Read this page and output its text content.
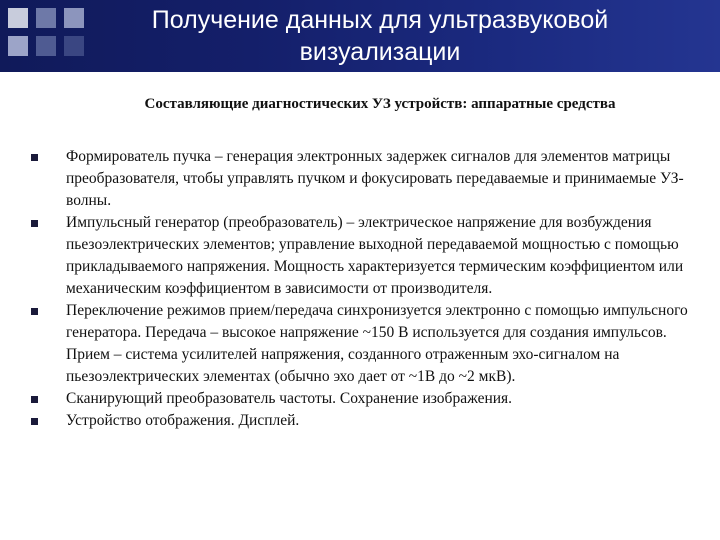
Получение данных для ультразвуковой
визуализации
Составляющие диагностических УЗ устройств: аппаратные средства
Формирователь пучка – генерация электронных задержек сигналов для элементов матрицы преобразователя, чтобы управлять пучком и фокусировать передаваемые и принимаемые УЗ-волны.
Импульсный генератор (преобразователь) – электрическое напряжение для возбуждения пьезоэлектрических элементов; управление выходной передаваемой мощностью с помощью прикладываемого напряжения. Мощность характеризуется термическим коэффициентом или механическим коэффициентом в зависимости от производителя.
Переключение режимов прием/передача синхронизуется электронно с помощью импульсного генератора. Передача – высокое напряжение ~150 В используется для создания импульсов. Прием – система усилителей напряжения, созданного отраженным эхо-сигналом на пьезоэлектрических элементах (обычно эхо дает от ~1В до ~2 мкВ).
Сканирующий преобразователь частоты. Сохранение изображения.
Устройство отображения. Дисплей.
